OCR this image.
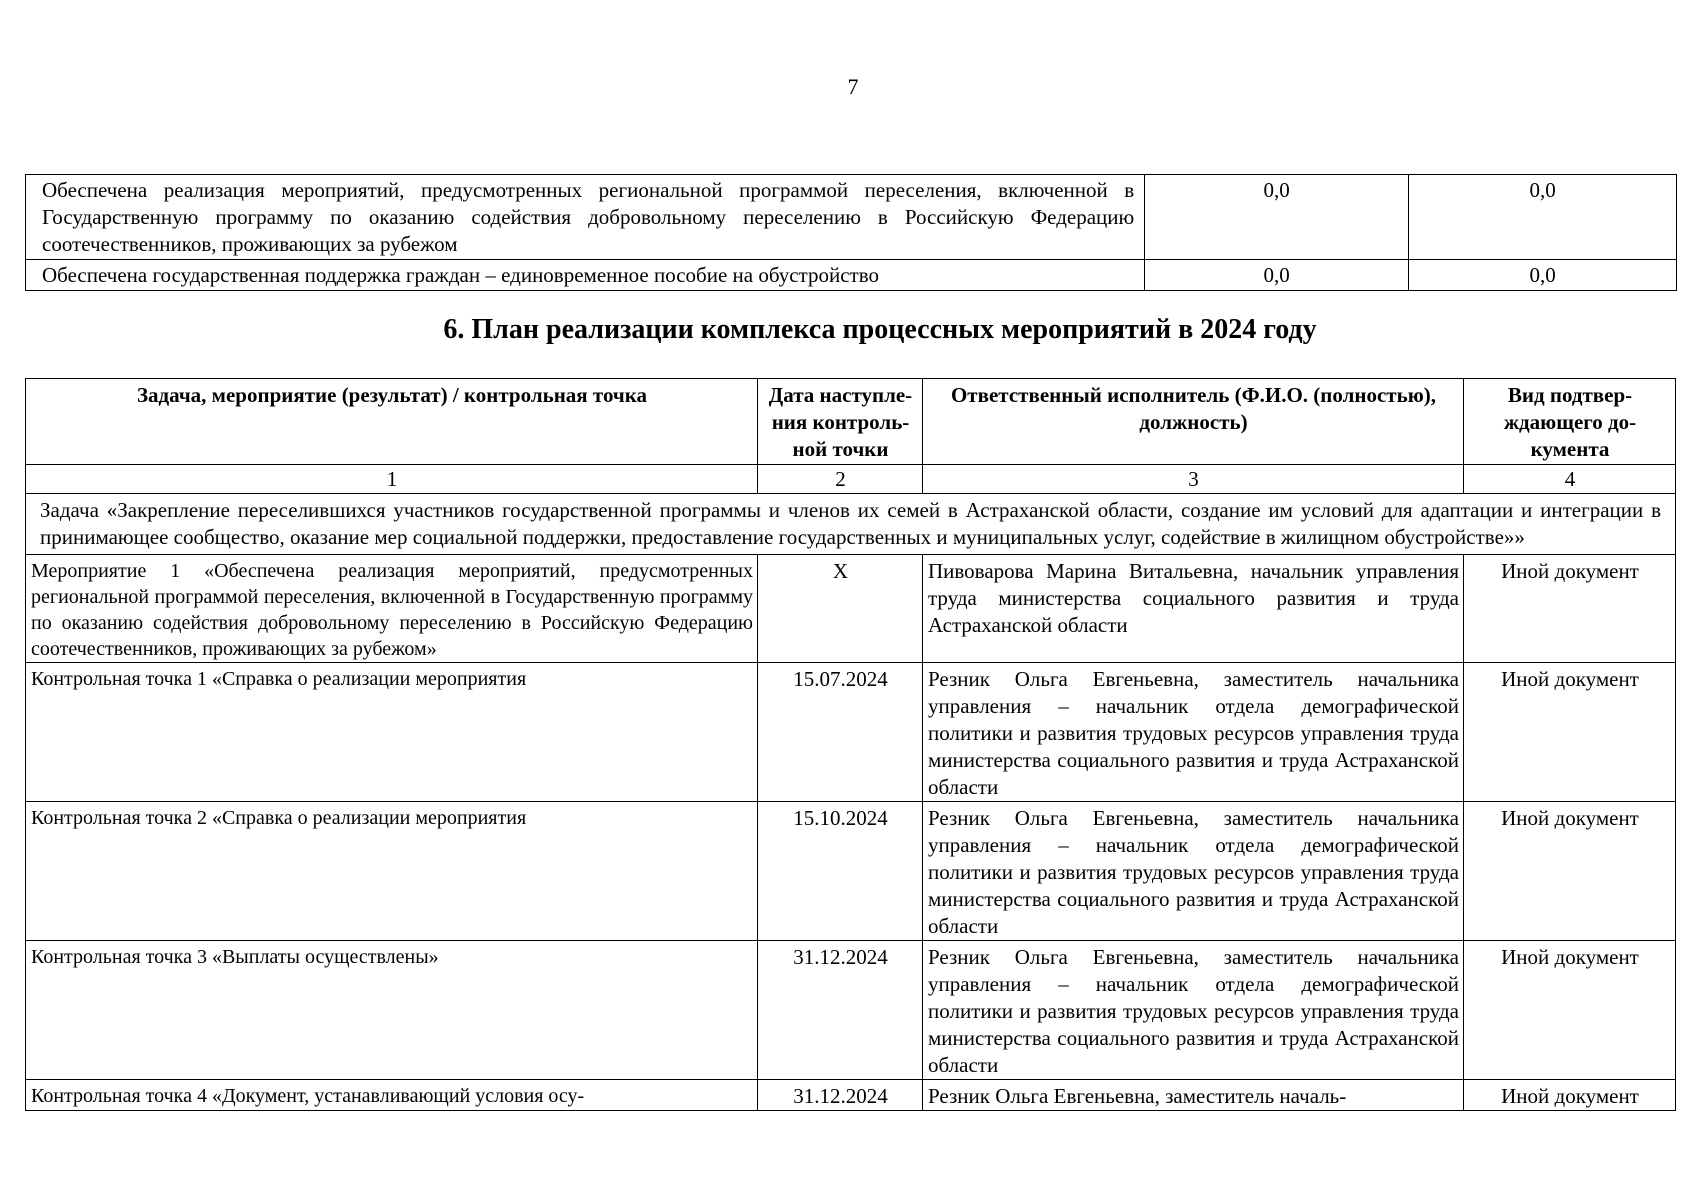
7
Обеспечена реализация мероприятий, предусмотренных региональной программой переселения, включенной в Государственную программу по оказанию содействия добровольному переселению в Российскую Федерацию соотечественников, проживающих за рубежом	0,0	0,0
Обеспечена государственная поддержка граждан – единовременное пособие на обустройство	0,0	0,0
6. План реализации комплекса процессных мероприятий в 2024 году
Задача, мероприятие (результат) / контрольная точка	Дата наступле-ния контроль-ной точки	Ответственный исполнитель (Ф.И.О. (полностью), должность)	Вид подтвер-ждающего до-кумента
1	2	3	4
Задача «Закрепление переселившихся участников государственной программы и членов их семей в Астраханской области, создание им условий для адаптации и интеграции в принимающее сообщество, оказание мер социальной поддержки, предоставление государственных и муниципальных услуг, содействие в жилищном обустройстве»»			
Мероприятие 1 «Обеспечена реализация мероприятий, предусмотренных региональной программой переселения, включенной в Государственную программу по оказанию содействия добровольному переселению в Российскую Федерацию соотечественников, проживающих за рубежом»	X	Пивоварова Марина Витальевна, начальник управления труда министерства социального развития и труда Астраханской области	Иной документ
Контрольная точка 1 «Справка о реализации мероприятия	15.07.2024	Резник Ольга Евгеньевна, заместитель начальника управления – начальник отдела демографической политики и развития трудовых ресурсов управления труда министерства социального развития и труда Астраханской области	Иной документ
Контрольная точка 2 «Справка о реализации мероприятия	15.10.2024	Резник Ольга Евгеньевна, заместитель начальника управления – начальник отдела демографической политики и развития трудовых ресурсов управления труда министерства социального развития и труда Астраханской области	Иной документ
Контрольная точка 3 «Выплаты осуществлены»	31.12.2024	Резник Ольга Евгеньевна, заместитель начальника управления – начальник отдела демографической политики и развития трудовых ресурсов управления труда министерства социального развития и труда Астраханской области	Иной документ
Контрольная точка 4 «Документ, устанавливающий условия осу-	31.12.2024	Резник Ольга Евгеньевна, заместитель началь-	Иной документ
